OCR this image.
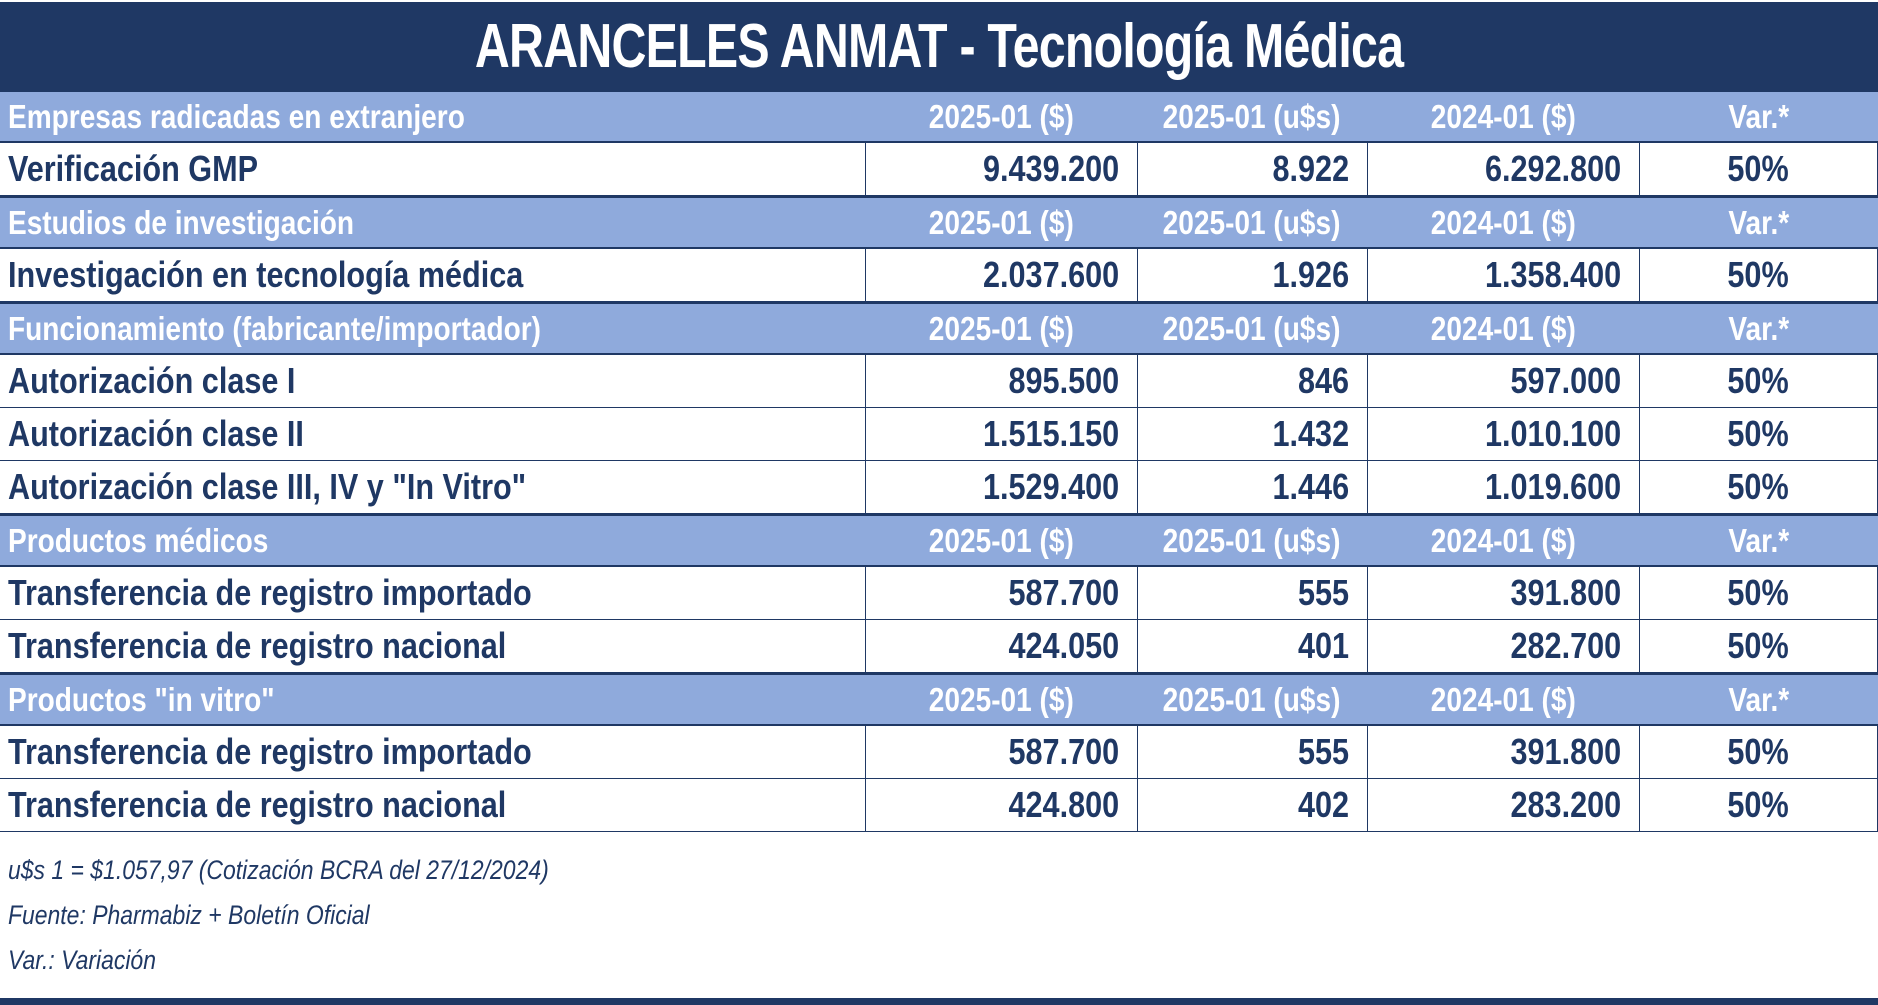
ARANCELES ANMAT - Tecnología Médica
Empresas radicadas en extranjero	2025-01 ($)	2025-01 (u$s)	2024-01 ($)	Var.*
Verificación GMP	9.439.200	8.922	6.292.800	50%
Estudios de investigación	2025-01 ($)	2025-01 (u$s)	2024-01 ($)	Var.*
Investigación en tecnología médica	2.037.600	1.926	1.358.400	50%
Funcionamiento (fabricante/importador)	2025-01 ($)	2025-01 (u$s)	2024-01 ($)	Var.*
Autorización clase I	895.500	846	597.000	50%
Autorización clase II	1.515.150	1.432	1.010.100	50%
Autorización clase III, IV y "In Vitro"	1.529.400	1.446	1.019.600	50%
Productos médicos	2025-01 ($)	2025-01 (u$s)	2024-01 ($)	Var.*
Transferencia de registro importado	587.700	555	391.800	50%
Transferencia de registro nacional	424.050	401	282.700	50%
Productos "in vitro"	2025-01 ($)	2025-01 (u$s)	2024-01 ($)	Var.*
Transferencia de registro importado	587.700	555	391.800	50%
Transferencia de registro nacional	424.800	402	283.200	50%
u$s 1 = $1.057,97 (Cotización BCRA del 27/12/2024)
Fuente: Pharmabiz + Boletín Oficial
Var.: Variación
